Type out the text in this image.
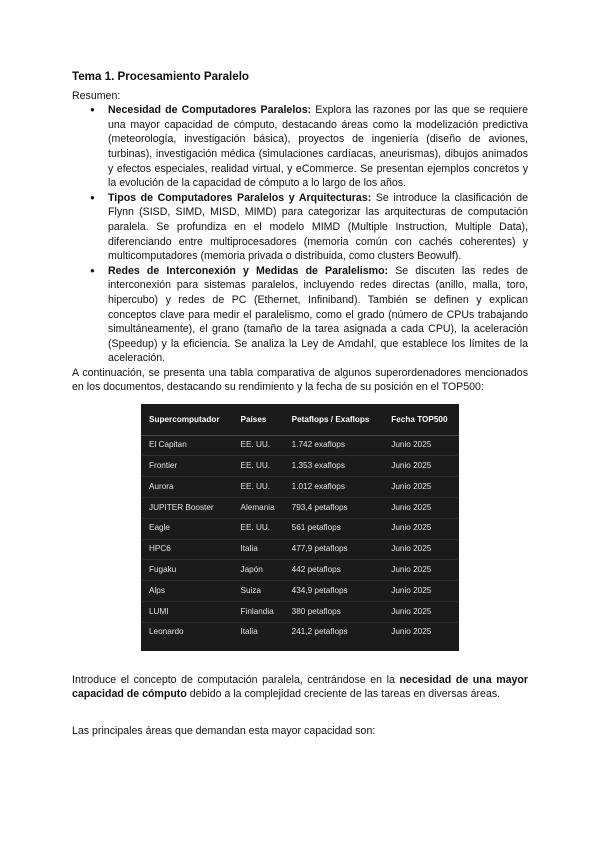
Tema 1. Procesamiento Paralelo
Resumen:
● Necesidad de Computadores Paralelos: Explora las razones por las que se requiere una mayor capacidad de cómputo, destacando áreas como la modelización predictiva (meteorología, investigación básica), proyectos de ingeniería (diseño de aviones, turbinas), investigación médica (simulaciones cardíacas, aneurismas), dibujos animados y efectos especiales, realidad virtual, y eCommerce. Se presentan ejemplos concretos y la evolución de la capacidad de cómputo a lo largo de los años.
● Tipos de Computadores Paralelos y Arquitecturas: Se introduce la clasificación de Flynn (SISD, SIMD, MISD, MIMD) para categorizar las arquitecturas de computación paralela. Se profundiza en el modelo MIMD (Multiple Instruction, Multiple Data), diferenciando entre multiprocesadores (memoria común con cachés coherentes) y multicomputadores (memoria privada o distribuida, como clusters Beowulf).
● Redes de Interconexión y Medidas de Paralelismo: Se discuten las redes de interconexión para sistemas paralelos, incluyendo redes directas (anillo, malla, toro, hipercubo) y redes de PC (Ethernet, Infiniband). También se definen y explican conceptos clave para medir el paralelismo, como el grado (número de CPUs trabajando simultáneamente), el grano (tamaño de la tarea asignada a cada CPU), la aceleración (Speedup) y la eficiencia. Se analiza la Ley de Amdahl, que establece los límites de la aceleración.

A continuación, se presenta una tabla comparativa de algunos superordenadores mencionados en los documentos, destacando su rendimiento y la fecha de su posición en el TOP500:

Supercomputador	Países	Petaflops / Exaflops	Fecha TOP500
El Capitan	EE. UU.	1.742 exaflops	Junio 2025
Frontier	EE. UU.	1.353 exaflops	Junio 2025
Aurora	EE. UU.	1.012 exaflops	Junio 2025
JUPITER Booster	Alemania	793,4 petaflops	Junio 2025
Eagle	EE. UU.	561 petaflops	Junio 2025
HPC6	Italia	477,9 petaflops	Junio 2025
Fugaku	Japón	442 petaflops	Junio 2025
Alps	Suiza	434,9 petaflops	Junio 2025
LUMI	Finlandia	380 petaflops	Junio 2025
Leonardo	Italia	241,2 petaflops	Junio 2025

Introduce el concepto de computación paralela, centrándose en la necesidad de una mayor capacidad de cómputo debido a la complejidad creciente de las tareas en diversas áreas.

Las principales áreas que demandan esta mayor capacidad son:
